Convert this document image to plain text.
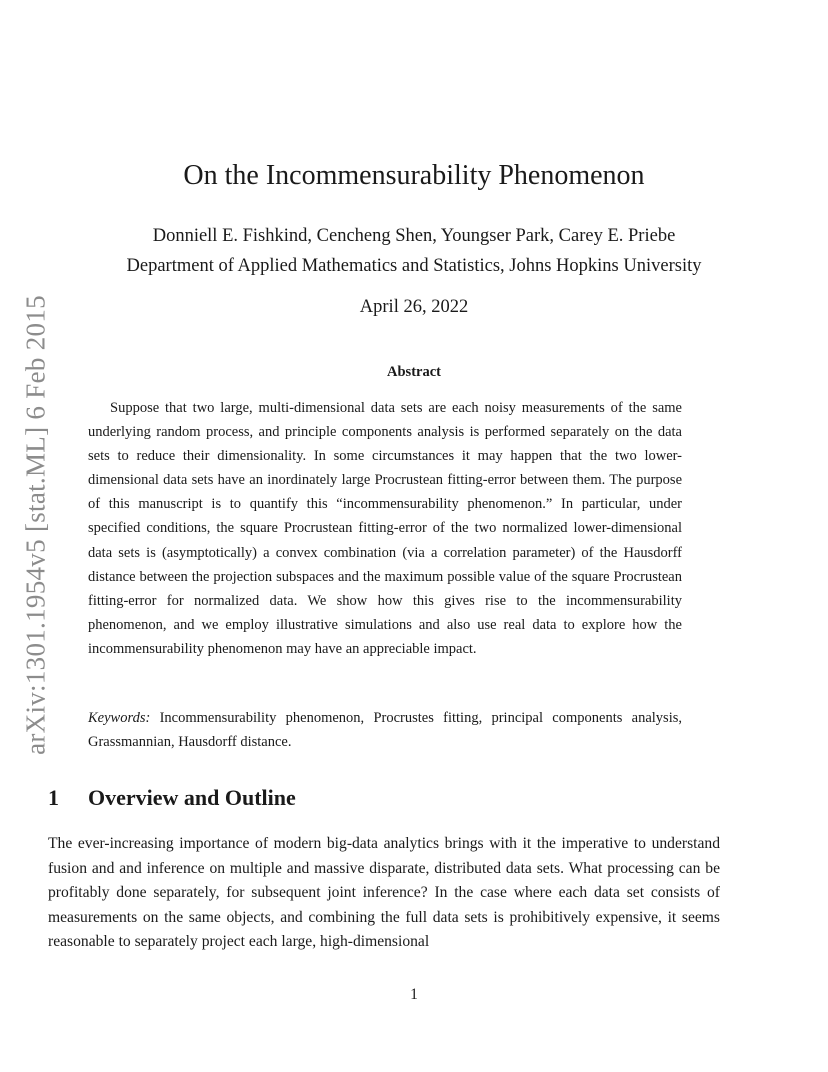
arXiv:1301.1954v5 [stat.ML] 6 Feb 2015
On the Incommensurability Phenomenon
Donniell E. Fishkind, Cencheng Shen, Youngser Park, Carey E. Priebe
Department of Applied Mathematics and Statistics, Johns Hopkins University
April 26, 2022
Abstract

Suppose that two large, multi-dimensional data sets are each noisy measurements of the same underlying random process, and principle components analysis is performed separately on the data sets to reduce their dimensionality. In some circumstances it may happen that the two lower-dimensional data sets have an inordinately large Procrustean fitting-error between them. The purpose of this manuscript is to quantify this “incommensurability phenomenon.” In particular, under specified conditions, the square Procrustean fitting-error of the two normalized lower-dimensional data sets is (asymptotically) a convex combination (via a correlation parameter) of the Hausdorff distance between the projection subspaces and the maximum possible value of the square Procrustean fitting-error for normalized data. We show how this gives rise to the incommensurability phenomenon, and we employ illustrative simulations and also use real data to explore how the incommensurability phenomenon may have an appreciable impact.

Keywords: Incommensurability phenomenon, Procrustes fitting, principal components analysis, Grassmannian, Hausdorff distance.

1 Overview and Outline

The ever-increasing importance of modern big-data analytics brings with it the imperative to understand fusion and and inference on multiple and massive disparate, distributed data sets. What processing can be profitably done separately, for subsequent joint inference? In the case where each data set consists of measurements on the same objects, and combining the full data sets is prohibitively expensive, it seems reasonable to separately project each large, high-dimensional

1
